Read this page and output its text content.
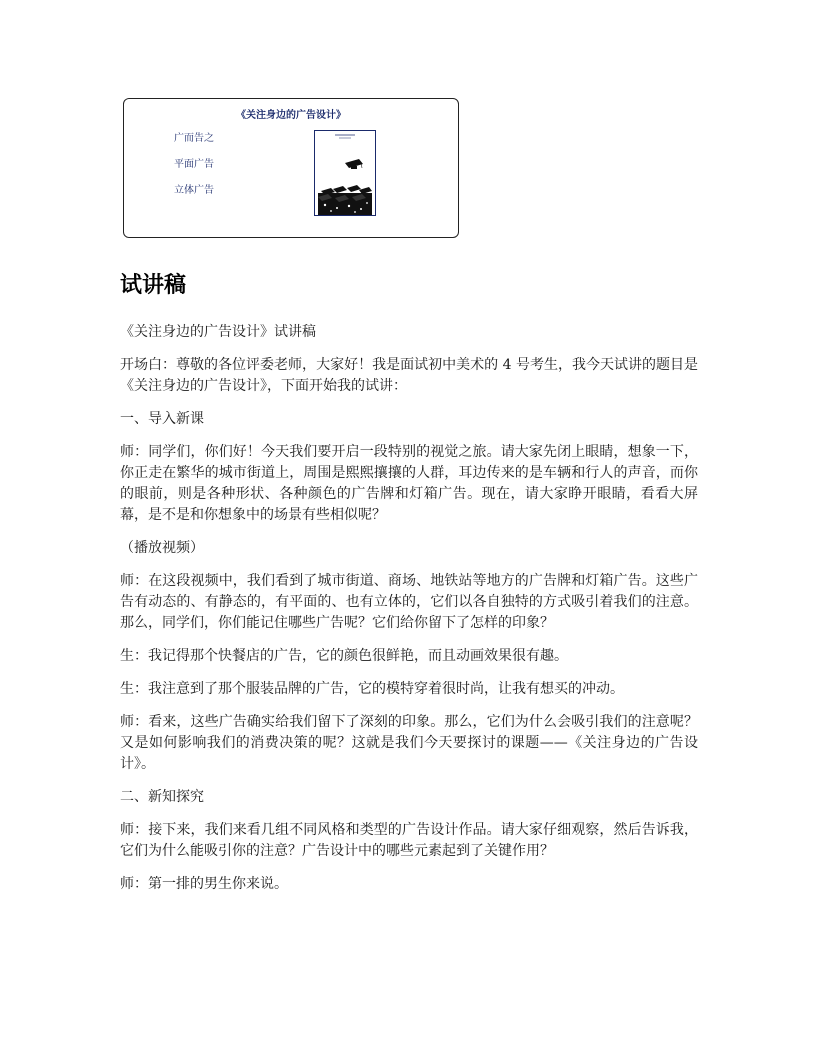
《关注身边的广告设计》
广而告之
平面广告
立体广告
试讲稿

《关注身边的广告设计》试讲稿

开场白：尊敬的各位评委老师，大家好！我是面试初中美术的 4 号考生，我今天试讲的题目是《关注身边的广告设计》，下面开始我的试讲：

一、导入新课

师：同学们，你们好！今天我们要开启一段特别的视觉之旅。请大家先闭上眼睛，想象一下，你正走在繁华的城市街道上，周围是熙熙攘攘的人群，耳边传来的是车辆和行人的声音，而你的眼前，则是各种形状、各种颜色的广告牌和灯箱广告。现在，请大家睁开眼睛，看看大屏幕，是不是和你想象中的场景有些相似呢？

（播放视频）

师：在这段视频中，我们看到了城市街道、商场、地铁站等地方的广告牌和灯箱广告。这些广告有动态的、有静态的，有平面的、也有立体的，它们以各自独特的方式吸引着我们的注意。那么，同学们，你们能记住哪些广告呢？它们给你留下了怎样的印象？

生：我记得那个快餐店的广告，它的颜色很鲜艳，而且动画效果很有趣。

生：我注意到了那个服装品牌的广告，它的模特穿着很时尚，让我有想买的冲动。

师：看来，这些广告确实给我们留下了深刻的印象。那么，它们为什么会吸引我们的注意呢？又是如何影响我们的消费决策的呢？这就是我们今天要探讨的课题——《关注身边的广告设计》。

二、新知探究

师：接下来，我们来看几组不同风格和类型的广告设计作品。请大家仔细观察，然后告诉我，它们为什么能吸引你的注意？广告设计中的哪些元素起到了关键作用？

师：第一排的男生你来说。
